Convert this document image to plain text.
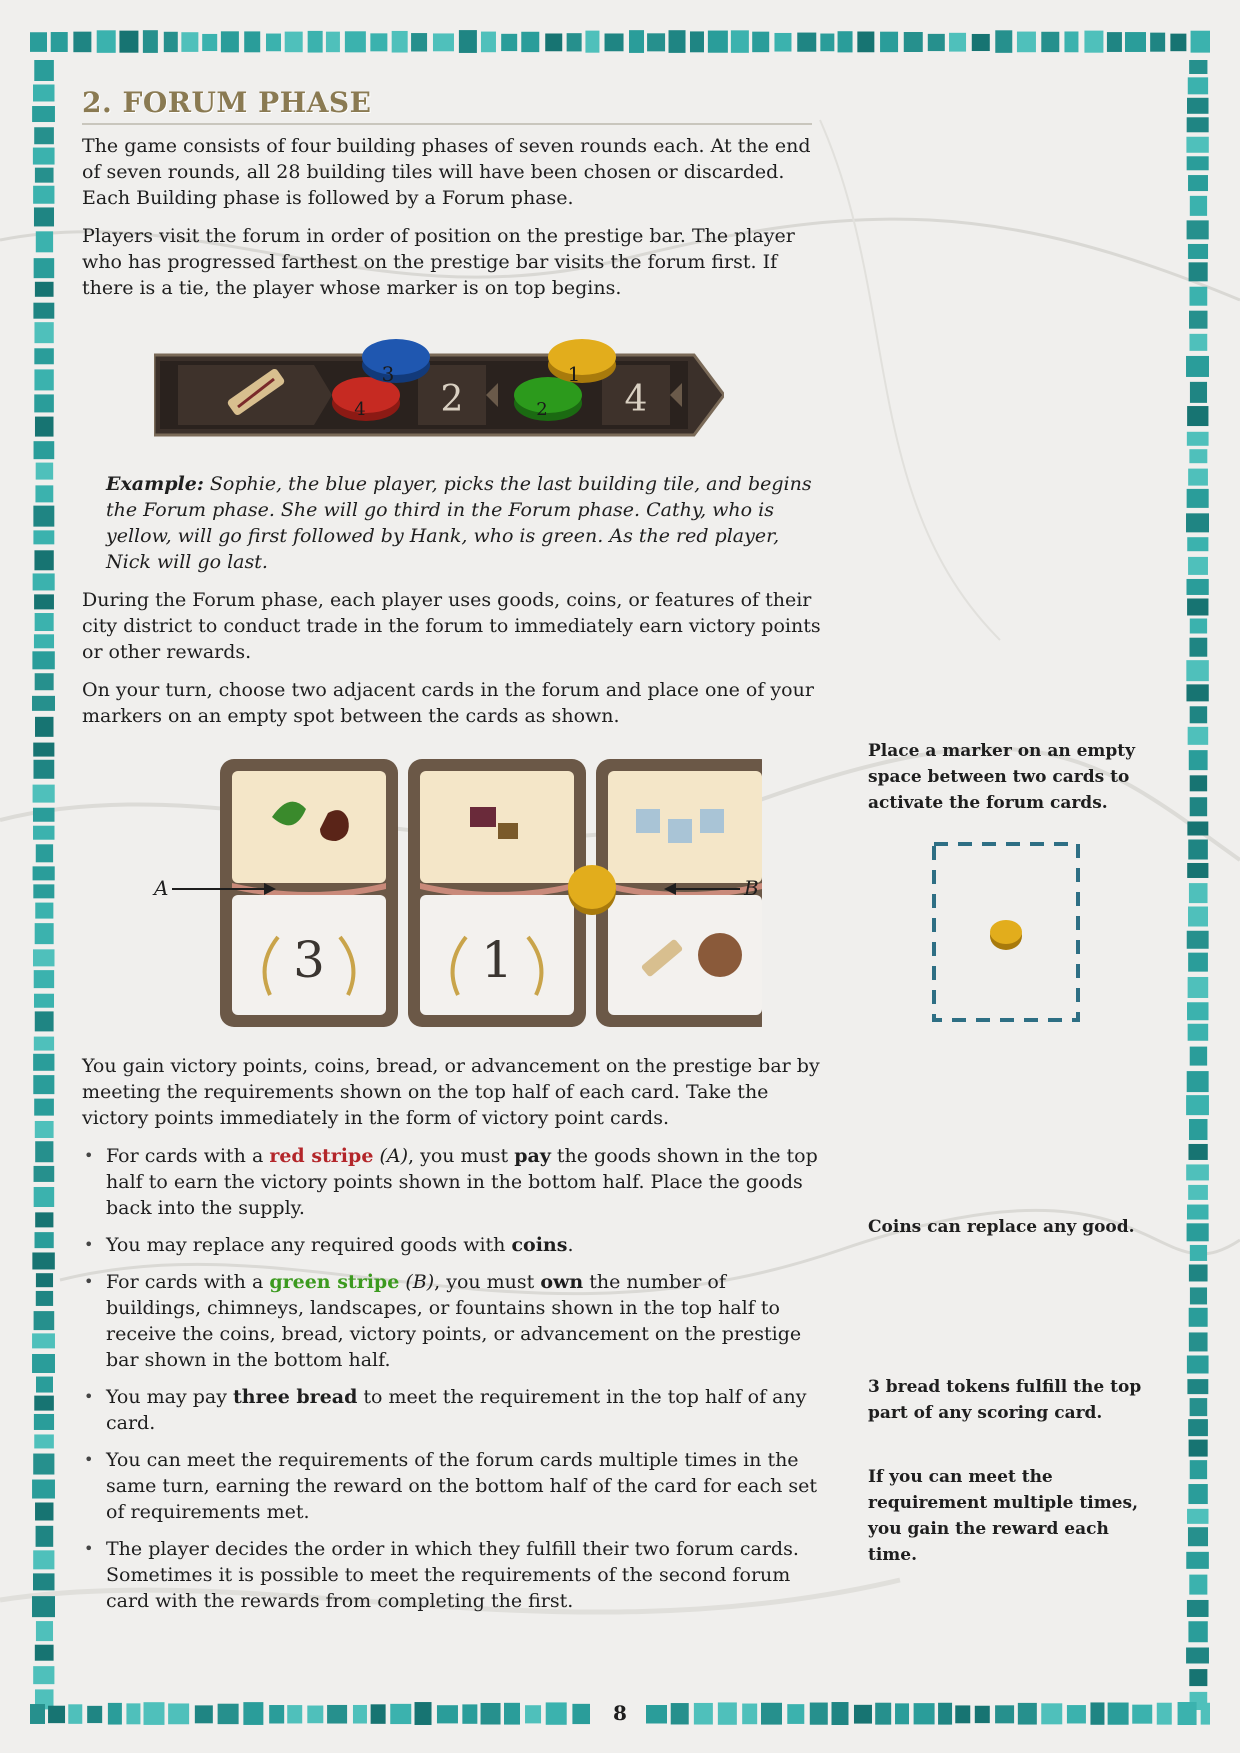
2. FORUM PHASE

The game consists of four building phases of seven rounds each. At the end of seven rounds, all 28 building tiles will have been chosen or discarded. Each Building phase is followed by a Forum phase.

Players visit the forum in order of position on the prestige bar. The player who has progressed farthest on the prestige bar visits the forum first. If there is a tie, the player whose marker is on top begins.

2	4
4
3
2
1

Example: Sophie, the blue player, picks the last building tile, and begins the Forum phase. She will go third in the Forum phase. Cathy, who is yellow, will go first followed by Hank, who is green. As the red player, Nick will go last.

During the Forum phase, each player uses goods, coins, or features of their city district to conduct trade in the forum to immediately earn victory points or other rewards.

On your turn, choose two adjacent cards in the forum and place one of your markers on an empty spot between the cards as shown.

3	1
A	B

You gain victory points, coins, bread, or advancement on the prestige bar by meeting the requirements shown on the top half of each card. Take the victory points immediately in the form of victory point cards.

• For cards with a red stripe (A), you must pay the goods shown in the top half to earn the victory points shown in the bottom half. Place the goods back into the supply.
• You may replace any required goods with coins.
• For cards with a green stripe (B), you must own the number of buildings, chimneys, landscapes, or fountains shown in the top half to receive the coins, bread, victory points, or advancement on the prestige bar shown in the bottom half.
• You may pay three bread to meet the requirement in the top half of any card.
• You can meet the requirements of the forum cards multiple times in the same turn, earning the reward on the bottom half of the card for each set of requirements met.
• The player decides the order in which they fulfill their two forum cards. Sometimes it is possible to meet the requirements of the second forum card with the rewards from completing the first.
Place a marker on an empty space between two cards to activate the forum cards.
Coins can replace any good.
3 bread tokens fulfill the top part of any scoring card.
If you can meet the requirement multiple times, you gain the reward each time.
8
